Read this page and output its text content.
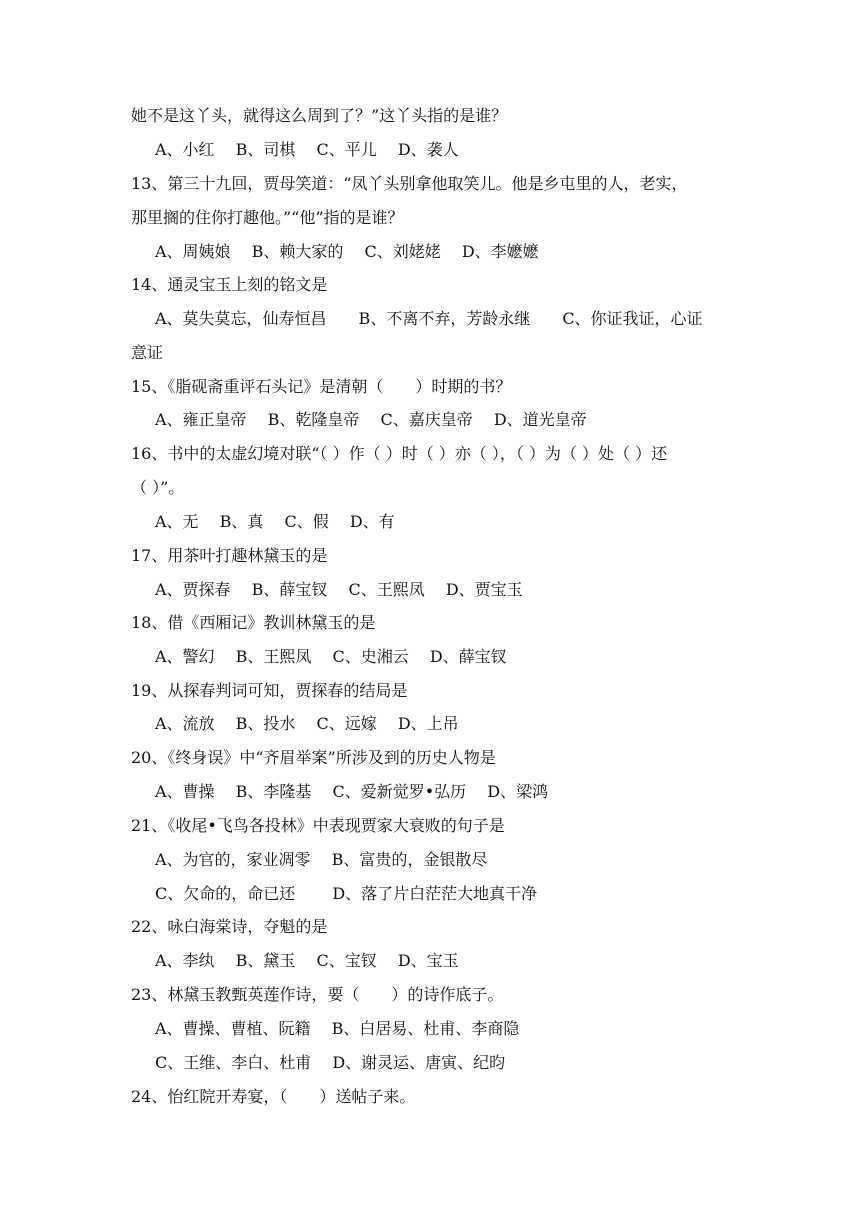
她不是这丫头，就得这么周到了？”这丫头指的是谁？
A、小红　 B、司棋　 C、平儿　 D、袭人
13、第三十九回，贾母笑道：“凤丫头别拿他取笑儿。他是乡屯里的人，老实，
那里搁的住你打趣他。”“他”指的是谁？
A、周姨娘　 B、赖大家的　 C、刘姥姥　 D、李嬷嬷
14、通灵宝玉上刻的铭文是
A、莫失莫忘，仙寿恒昌　　B、不离不弃，芳龄永继　　C、你证我证，心证
意证
15、《脂砚斋重评石头记》是清朝（　　）时期的书？
A、雍正皇帝　 B、乾隆皇帝　 C、嘉庆皇帝　 D、道光皇帝
16、书中的太虚幻境对联“（ ）作（ ）时（ ）亦（ ），（ ）为（ ）处（ ）还
（ ）”。
A、无　 B、真　 C、假　 D、有
17、用茶叶打趣林黛玉的是
A、贾探春　 B、薛宝钗　 C、王熙凤　 D、贾宝玉
18、借《西厢记》教训林黛玉的是
A、警幻　 B、王熙凤　 C、史湘云　 D、薛宝钗
19、从探春判词可知，贾探春的结局是
A、流放　 B、投水　 C、远嫁　 D、上吊
20、《终身误》中“齐眉举案”所涉及到的历史人物是
A、曹操　 B、李隆基　 C、爱新觉罗•弘历　 D、梁鸿
21、《收尾•飞鸟各投林》中表现贾家大衰败的句子是
A、为官的，家业凋零　 B、富贵的，金银散尽
C、欠命的，命已还　　 D、落了片白茫茫大地真干净
22、咏白海棠诗，夺魁的是
A、李纨　 B、黛玉　 C、宝钗　 D、宝玉
23、林黛玉教甄英莲作诗，要（　　）的诗作底子。
A、曹操、曹植、阮籍　 B、白居易、杜甫、李商隐
C、王维、李白、杜甫　 D、谢灵运、唐寅、纪昀
24、怡红院开寿宴，（　　）送帖子来。
